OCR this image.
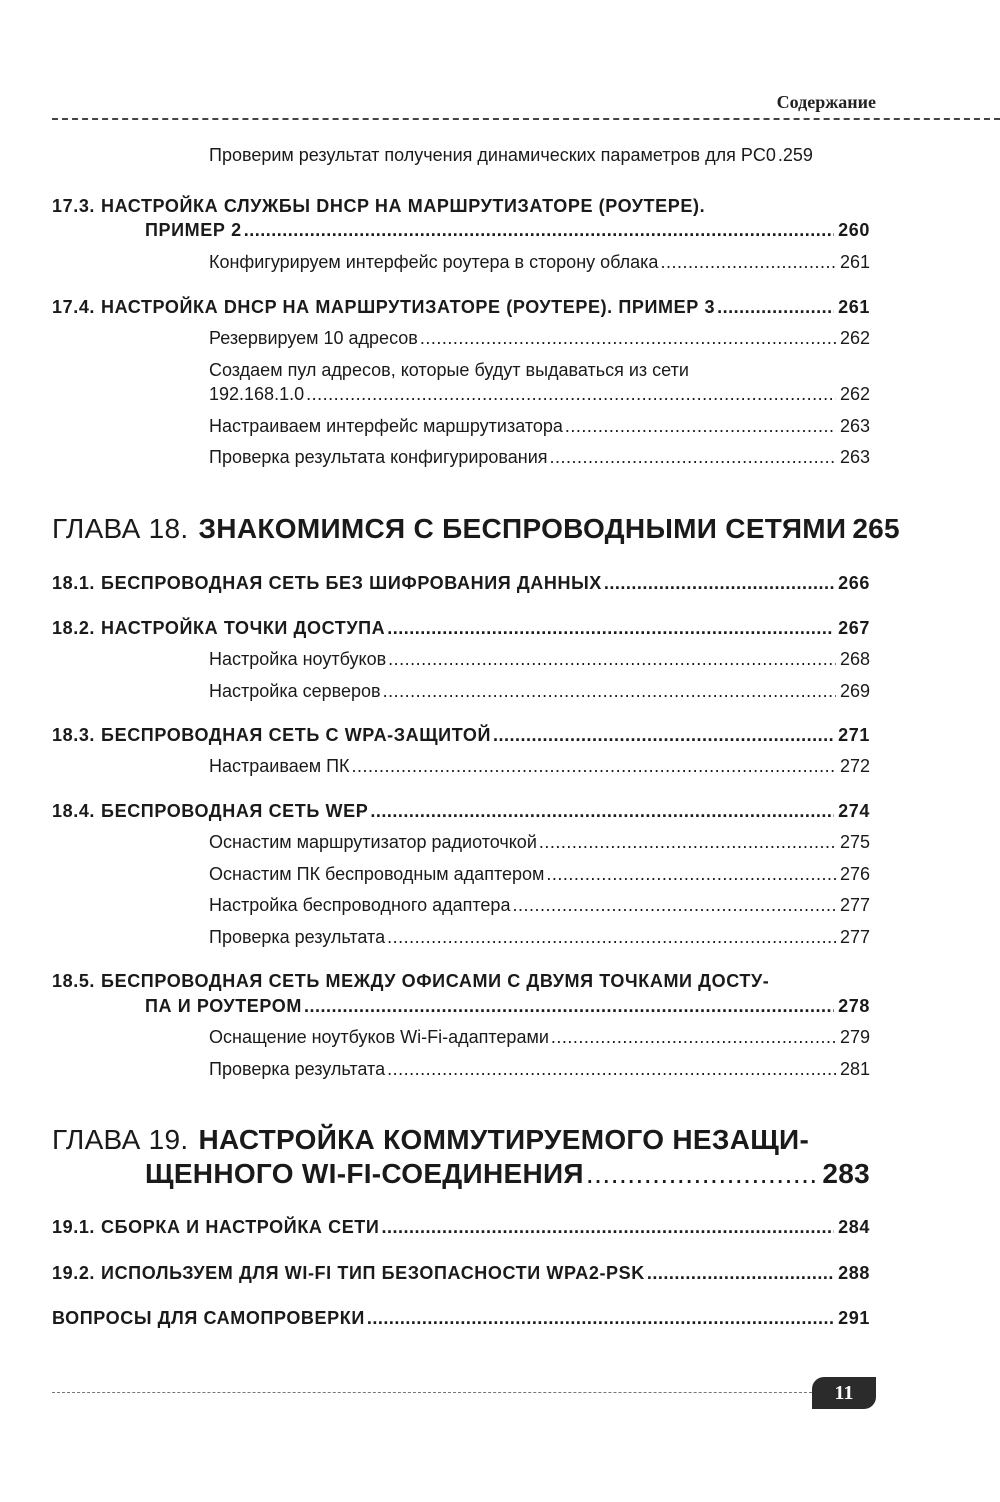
Содержание
Проверим результат получения динамических параметров для PC0 .259
17.3. НАСТРОЙКА СЛУЖБЫ DHCP НА МАРШРУТИЗАТОРЕ (РОУТЕРЕ).
ПРИМЕР 2 .....	260
Конфигурируем интерфейс роутера в сторону облака .....	261
17.4. НАСТРОЙКА DHCP НА МАРШРУТИЗАТОРЕ (РОУТЕРЕ). ПРИМЕР 3 .....	261
Резервируем 10 адресов .....	262
Создаем пул адресов, которые будут выдаваться из сети
192.168.1.0 .....	262
Настраиваем интерфейс маршрутизатора .....	263
Проверка результата конфигурирования .....	263
ГЛАВА 18. ЗНАКОМИМСЯ С БЕСПРОВОДНЫМИ СЕТЯМИ 265
18.1. БЕСПРОВОДНАЯ СЕТЬ БЕЗ ШИФРОВАНИЯ ДАННЫХ .....	266
18.2. НАСТРОЙКА ТОЧКИ ДОСТУПА .....	267
Настройка ноутбуков .....	268
Настройка серверов .....	269
18.3. БЕСПРОВОДНАЯ СЕТЬ С WPA-ЗАЩИТОЙ .....	271
Настраиваем ПК .....	272
18.4. БЕСПРОВОДНАЯ СЕТЬ WEP .....	274
Оснастим маршрутизатор радиоточкой .....	275
Оснастим ПК беспроводным адаптером .....	276
Настройка беспроводного адаптера .....	277
Проверка результата .....	277
18.5. БЕСПРОВОДНАЯ СЕТЬ МЕЖДУ ОФИСАМИ С ДВУМЯ ТОЧКАМИ ДОСТУ-
ПА И РОУТЕРОМ .....	278
Оснащение ноутбуков Wi-Fi-адаптерами .....	279
Проверка результата .....	281
ГЛАВА 19. НАСТРОЙКА КОММУТИРУЕМОГО НЕЗАЩИ-
ЩЕННОГО WI-FI-СОЕДИНЕНИЯ .....	283
19.1. СБОРКА И НАСТРОЙКА СЕТИ .....	284
19.2. ИСПОЛЬЗУЕМ ДЛЯ WI-FI ТИП БЕЗОПАСНОСТИ WPA2-PSK .....	288
ВОПРОСЫ ДЛЯ САМОПРОВЕРКИ .....	291
11
